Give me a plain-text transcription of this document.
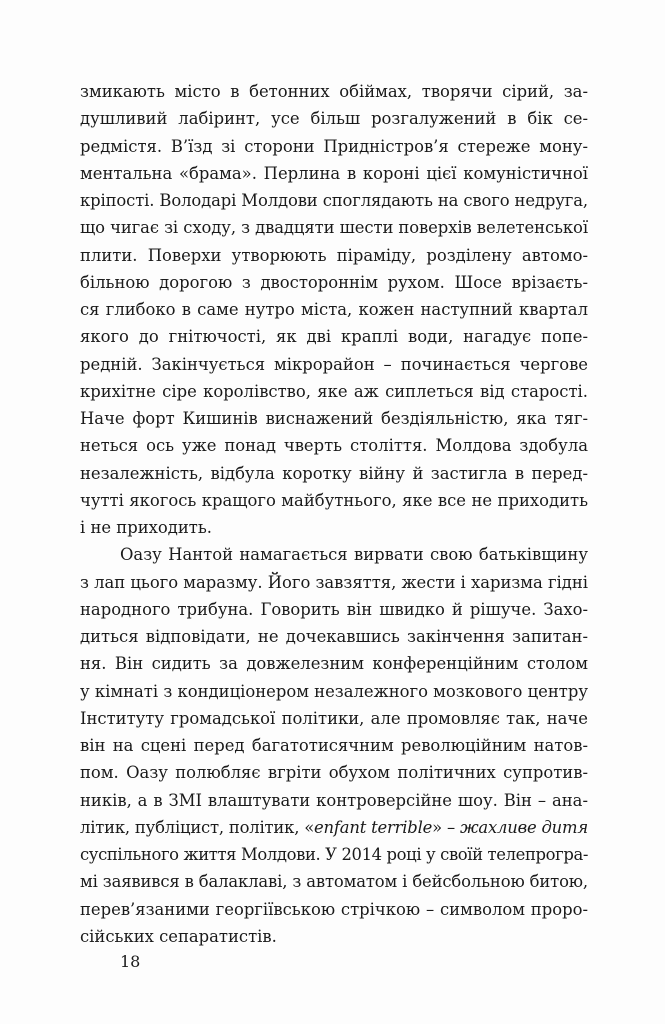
змикають місто в бетонних обіймах, творячи сірий, за-
душливий лабіринт, усе більш розгалужений в бік се-
редмістя. В’їзд зі сторони Придністров’я стереже мону-
ментальна «брама». Перлина в короні цієї комуністичної
кріпості. Володарі Молдови споглядають на свого недруга,
що чигає зі сходу, з двадцяти шести поверхів велетенської
плити. Поверхи утворюють піраміду, розділену автомо-
більною дорогою з двостороннім рухом. Шосе врізаєть-
ся глибоко в саме нутро міста, кожен наступний квартал
якого до гнітючості, як дві краплі води, нагадує попе-
редній. Закінчується мікрорайон – починається чергове
крихітне сіре королівство, яке аж сиплеться від старості.
Наче форт Кишинів виснажений бездіяльністю, яка тяг-
неться ось уже понад чверть століття. Молдова здобула
незалежність, відбула коротку війну й застигла в перед-
чутті якогось кращого майбутнього, яке все не приходить
і не приходить.
Оазу Нантой намагається вирвати свою батьківщину
з лап цього маразму. Його завзяття, жести і харизма гідні
народного трибуна. Говорить він швидко й рішуче. Захо-
диться відповідати, не дочекавшись закінчення запитан-
ня. Він сидить за довжелезним конференційним столом
у кімнаті з кондиціонером незалежного мозкового центру
Інституту громадської політики, але промовляє так, наче
він на сцені перед багатотисячним революційним натов-
пом. Оазу полюбляє вгріти обухом політичних супротив-
ників, а в ЗМІ влаштувати контроверсійне шоу. Він – ана-
літик, публіцист, політик, «enfant terrible» – жахливе дитя
суспільного життя Молдови. У 2014 році у своїй телепрогра-
мі заявився в балаклаві, з автоматом і бейсбольною битою,
перев’язаними георгіївською стрічкою – символом проро-
сійських сепаратистів.
18
